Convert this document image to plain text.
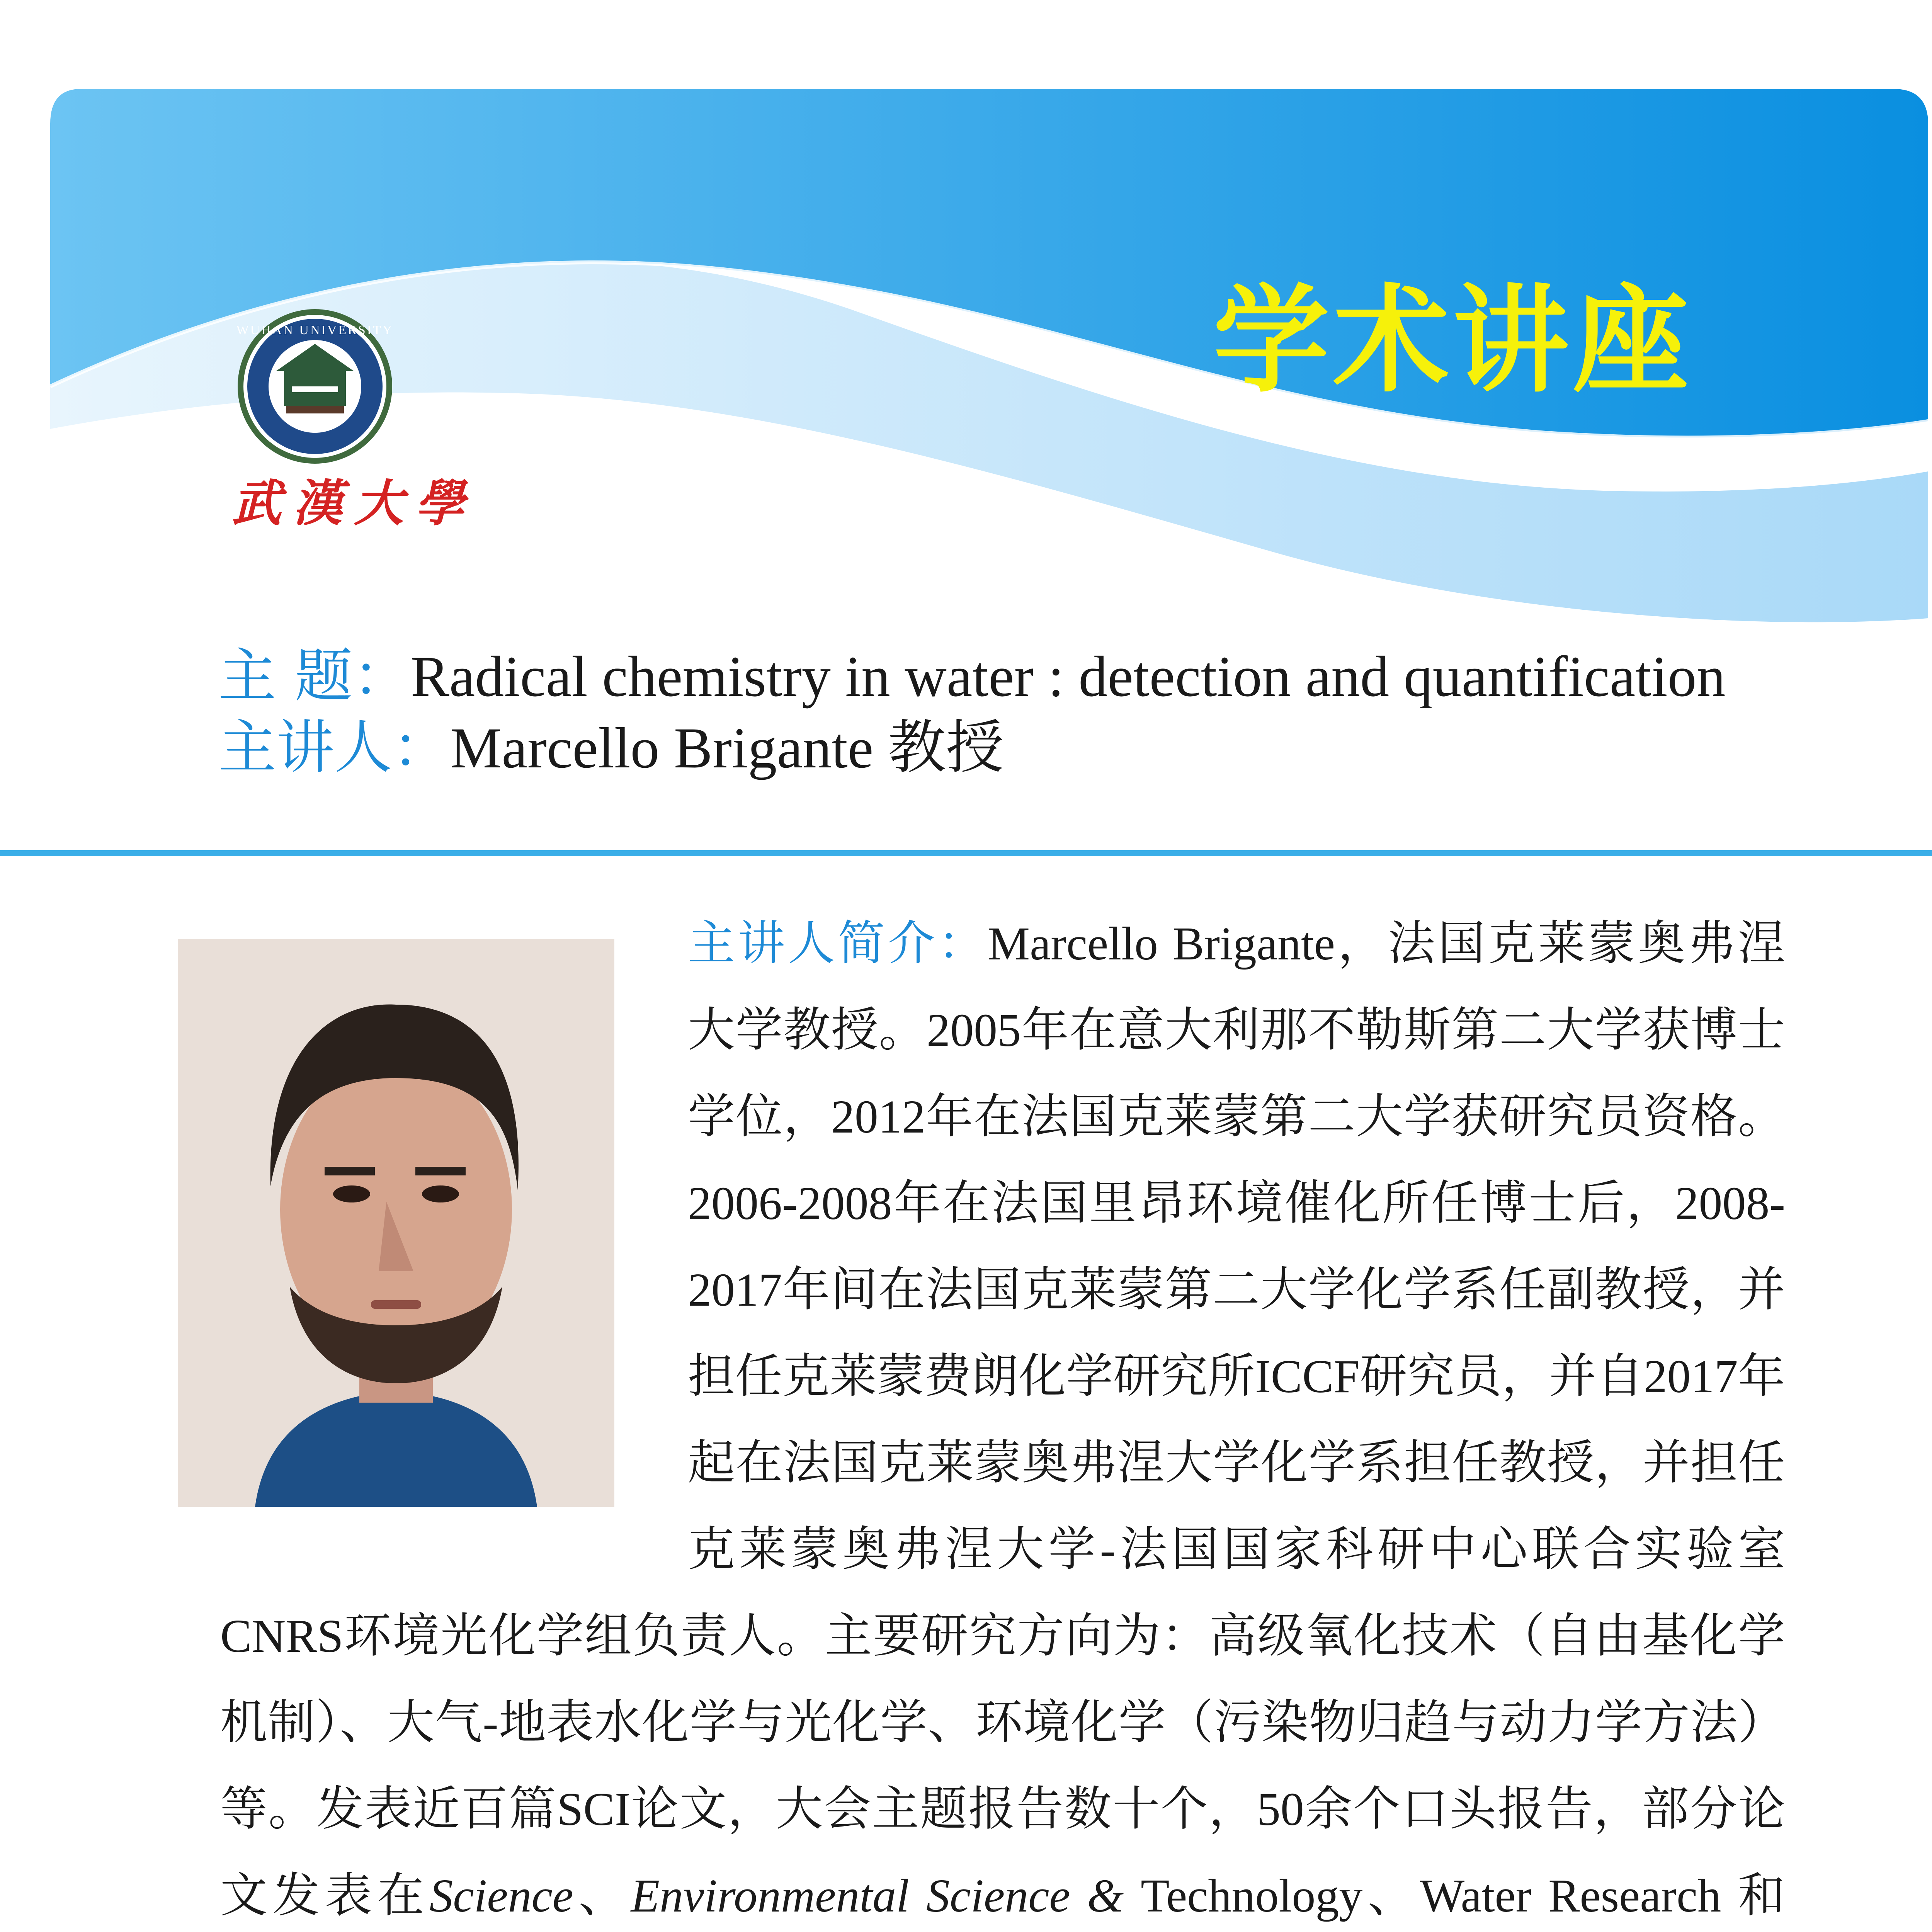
WUHAN UNIVERSITY	学术讲座
武漢大學
主 题：Radical chemistry in water : detection and quantification
主讲人：Marcello Brigante 教授

主讲人简介：Marcello Brigante，法国克莱蒙奥弗涅大学教授。2005年在意大利那不勒斯第二大学获博士学位，2012年在法国克莱蒙第二大学获研究员资格。2006-2008年在法国里昂环境催化所任博士后，2008-2017年间在法国克莱蒙第二大学化学系任副教授，并担任克莱蒙费朗化学研究所ICCF研究员，并自2017年起在法国克莱蒙奥弗涅大学化学系担任教授，并担任克莱蒙奥弗涅大学-法国国家科研中心联合实验室CNRS环境光化学组负责人。主要研究方向为：高级氧化技术（自由基化学机制）、大气-地表水化学与光化学、环境化学（污染物归趋与动力学方法）等。发表近百篇SCI论文，大会主题报告数十个，50余个口头报告，部分论文发表在Science、Environmental Science & Technology、Water Research 和
